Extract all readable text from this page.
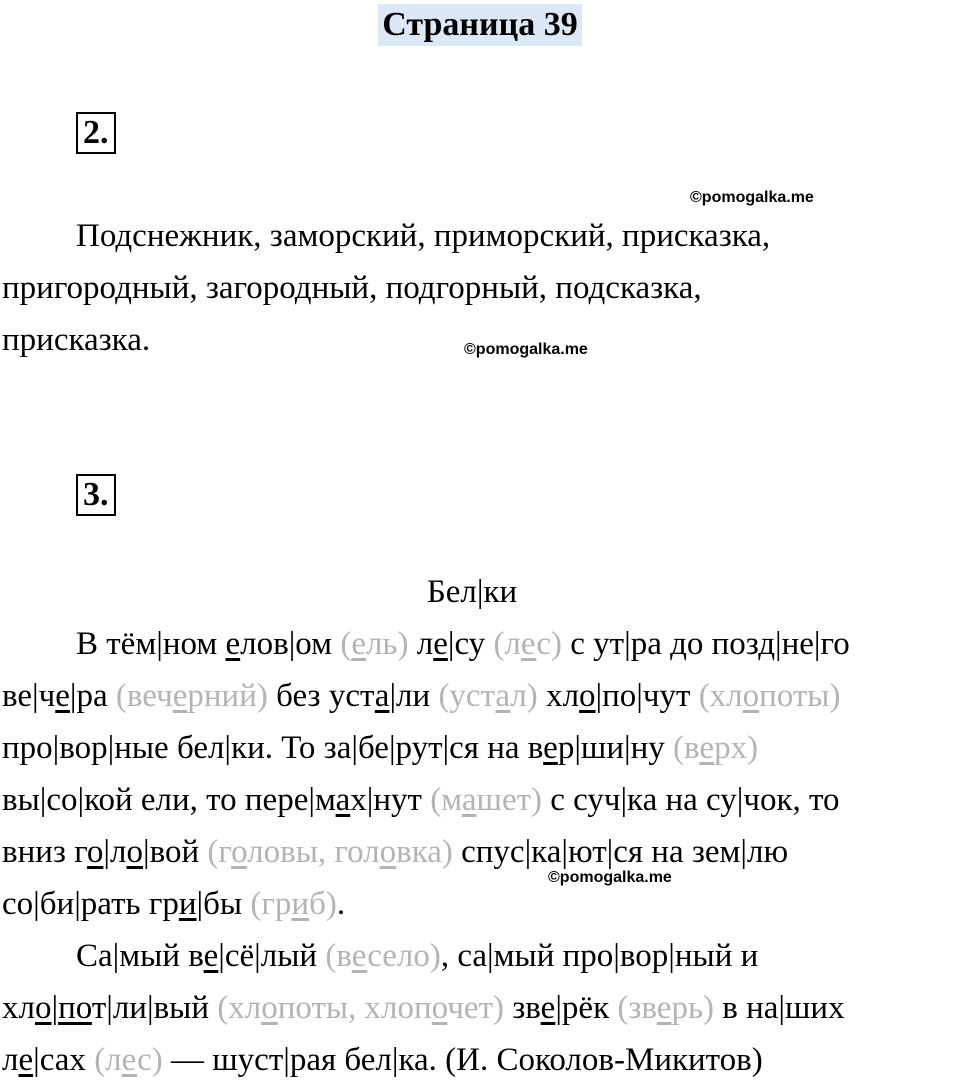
Страница 39
2.
©pomogalka.me
Подснежник, заморский, приморский, присказка,
пригородный, загородный, подгорный, подсказка,
присказка.	©pomogalka.me
3.
Бел|ки
В тём|ном елов|ом (ель) ле|су (лес) с ут|ра до позд|не|го
ве|че|ра (вечерний) без уста|ли (устал) хло|по|чут (хлопоты)
про|вор|ные бел|ки. То за|бе|рут|ся на вер|ши|ну (верх)
вы|со|кой ели, то пере|мах|нут (машет) с суч|ка на су|чок, то
вниз го|ло|вой (головы, головка) спус|ка|ют|ся на зем|лю
со|би|рать гри|бы (гриб).
Са|мый ве|сё|лый (весело), са|мый про|вор|ный и
хло|пот|ли|вый (хлопоты, хлопочет) зве|рёк (зверь) в на|ших
ле|сах (лес) — шуст|рая бел|ка. (И. Соколов-Микитов)
©pomogalka.me
